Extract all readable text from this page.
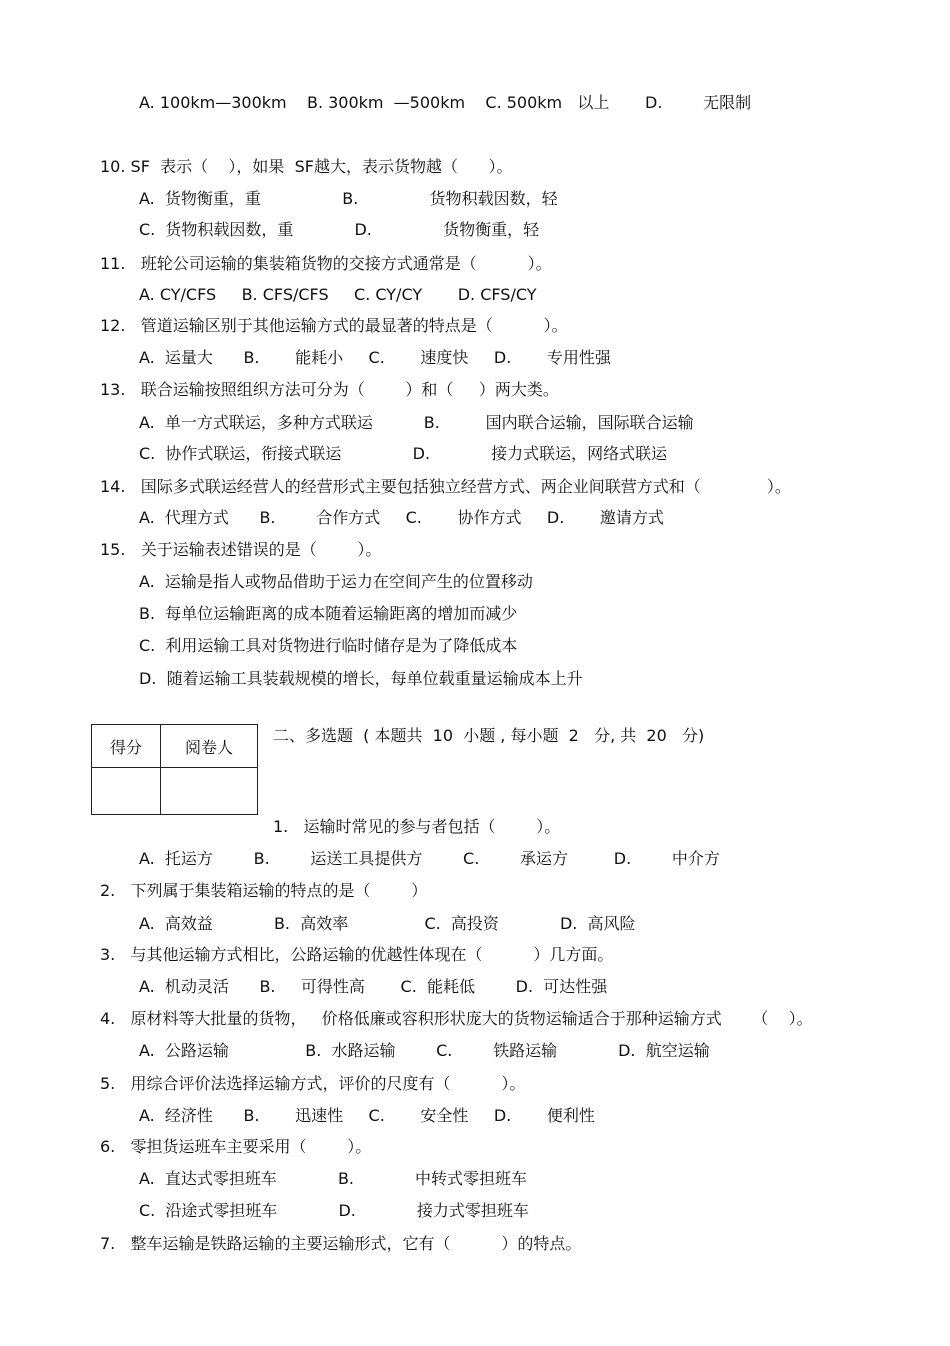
A. 100km—300km    B. 300km  —500km    C. 500km   以上       D.        无限制
10. SF  表示（    ），如果  SF越大，表示货物越（      ）。
A.  货物衡重，重                B.              货物积载因数，轻
C.  货物积载因数，重            D.              货物衡重，轻
11.   班轮公司运输的集装箱货物的交接方式通常是（          ）。
A. CY/CFS     B. CFS/CFS     C. CY/CY       D. CFS/CY
12.   管道运输区别于其他运输方式的最显著的特点是（          ）。
A.  运量大      B.       能耗小     C.       速度快     D.       专用性强
13.   联合运输按照组织方法可分为（        ）和（     ）两大类。
A.  单一方式联运，多种方式联运          B.         国内联合运输，国际联合运输
C.  协作式联运，衔接式联运              D.            接力式联运，网络式联运
14.   国际多式联运经营人的经营形式主要包括独立经营方式、两企业间联营方式和（             ）。
A.  代理方式      B.        合作方式     C.       协作方式     D.       邀请方式
15.   关于运输表述错误的是（        ）。
A.  运输是指人或物品借助于运力在空间产生的位置移动
B.  每单位运输距离的成本随着运输距离的增加而减少
C.  利用运输工具对货物进行临时储存是为了降低成本
D.  随着运输工具装载规模的增长，每单位载重量运输成本上升
得分	阅卷人

二、多选题  ( 本题共  10  小题 , 每小题  2   分, 共  20   分)
1.   运输时常见的参与者包括（        ）。
A.  托运方        B.        运送工具提供方        C.        承运方         D.        中介方
2.   下列属于集装箱运输的特点的是（        ）
A.  高效益            B.  高效率               C.  高投资            D.  高风险
3.   与其他运输方式相比，公路运输的优越性体现在（          ）几方面。
A.  机动灵活      B.     可得性高       C.  能耗低        D.  可达性强
4.   原材料等大批量的货物，   价格低廉或容积形状庞大的货物运输适合于那种运输方式      （    ）。
A.  公路运输               B.  水路运输        C.        铁路运输            D.  航空运输
5.   用综合评价法选择运输方式，评价的尺度有（          ）。
A.  经济性      B.       迅速性     C.       安全性     D.       便利性
6.   零担货运班车主要采用（        ）。
A.  直达式零担班车            B.            中转式零担班车
C.  沿途式零担班车            D.            接力式零担班车
7.   整车运输是铁路运输的主要运输形式，它有（          ）的特点。
